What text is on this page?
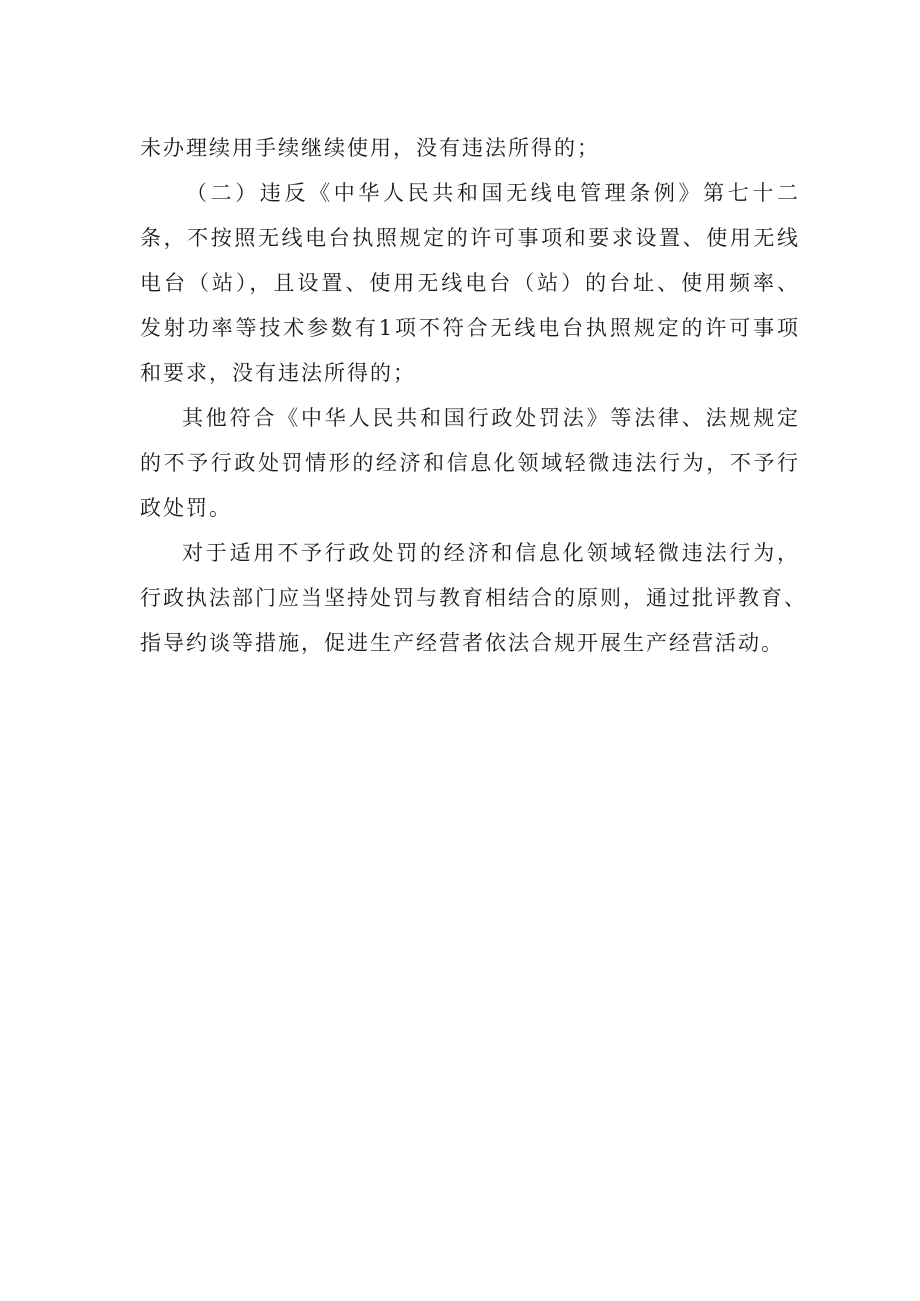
未办理续用手续继续使用，没有违法所得的；
（二）违反《中华人民共和国无线电管理条例》第七十二
条，不按照无线电台执照规定的许可事项和要求设置、使用无线
电台（站），且设置、使用无线电台（站）的台址、使用频率、
发射功率等技术参数有1项不符合无线电台执照规定的许可事项
和要求，没有违法所得的；
其他符合《中华人民共和国行政处罚法》等法律、法规规定
的不予行政处罚情形的经济和信息化领域轻微违法行为，不予行
政处罚。
对于适用不予行政处罚的经济和信息化领域轻微违法行为，
行政执法部门应当坚持处罚与教育相结合的原则，通过批评教育、
指导约谈等措施，促进生产经营者依法合规开展生产经营活动。
